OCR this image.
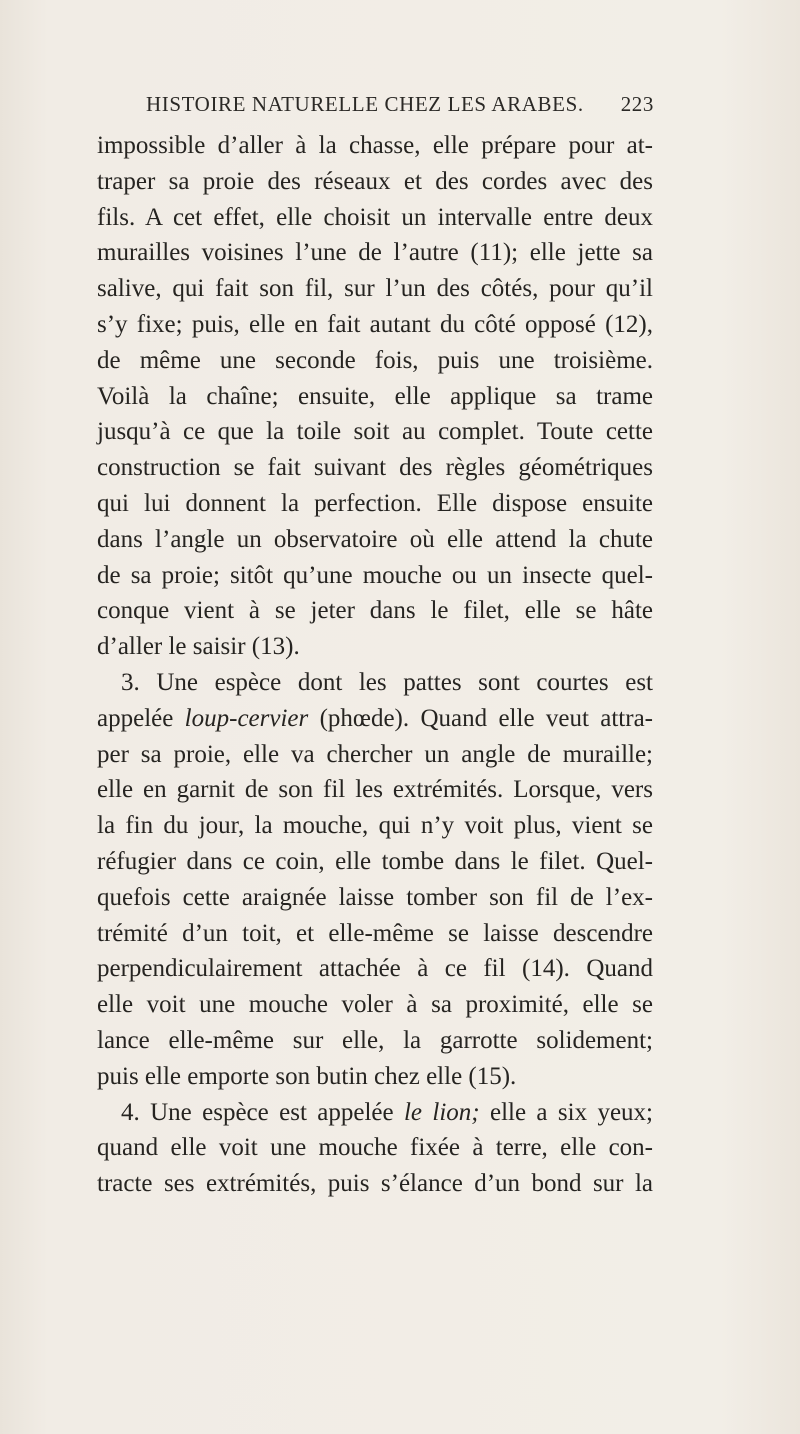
HISTOIRE NATURELLE CHEZ LES ARABES. 223
impossible d’aller à la chasse, elle prépare pour at-
traper sa proie des réseaux et des cordes avec des
fils. A cet effet, elle choisit un intervalle entre deux
murailles voisines l’une de l’autre (11); elle jette sa
salive, qui fait son fil, sur l’un des côtés, pour qu’il
s’y fixe; puis, elle en fait autant du côté opposé (12),
de même une seconde fois, puis une troisième.
Voilà la chaîne; ensuite, elle applique sa trame
jusqu’à ce que la toile soit au complet. Toute cette
construction se fait suivant des règles géométriques
qui lui donnent la perfection. Elle dispose ensuite
dans l’angle un observatoire où elle attend la chute
de sa proie; sitôt qu’une mouche ou un insecte quel-
conque vient à se jeter dans le filet, elle se hâte
d’aller le saisir (13).
3. Une espèce dont les pattes sont courtes est
appelée loup-cervier (phœde). Quand elle veut attra-
per sa proie, elle va chercher un angle de muraille;
elle en garnit de son fil les extrémités. Lorsque, vers
la fin du jour, la mouche, qui n’y voit plus, vient se
réfugier dans ce coin, elle tombe dans le filet. Quel-
quefois cette araignée laisse tomber son fil de l’ex-
trémité d’un toit, et elle-même se laisse descendre
perpendiculairement attachée à ce fil (14). Quand
elle voit une mouche voler à sa proximité, elle se
lance elle-même sur elle, la garrotte solidement;
puis elle emporte son butin chez elle (15).
4. Une espèce est appelée le lion; elle a six yeux;
quand elle voit une mouche fixée à terre, elle con-
tracte ses extrémités, puis s’élance d’un bond sur la
